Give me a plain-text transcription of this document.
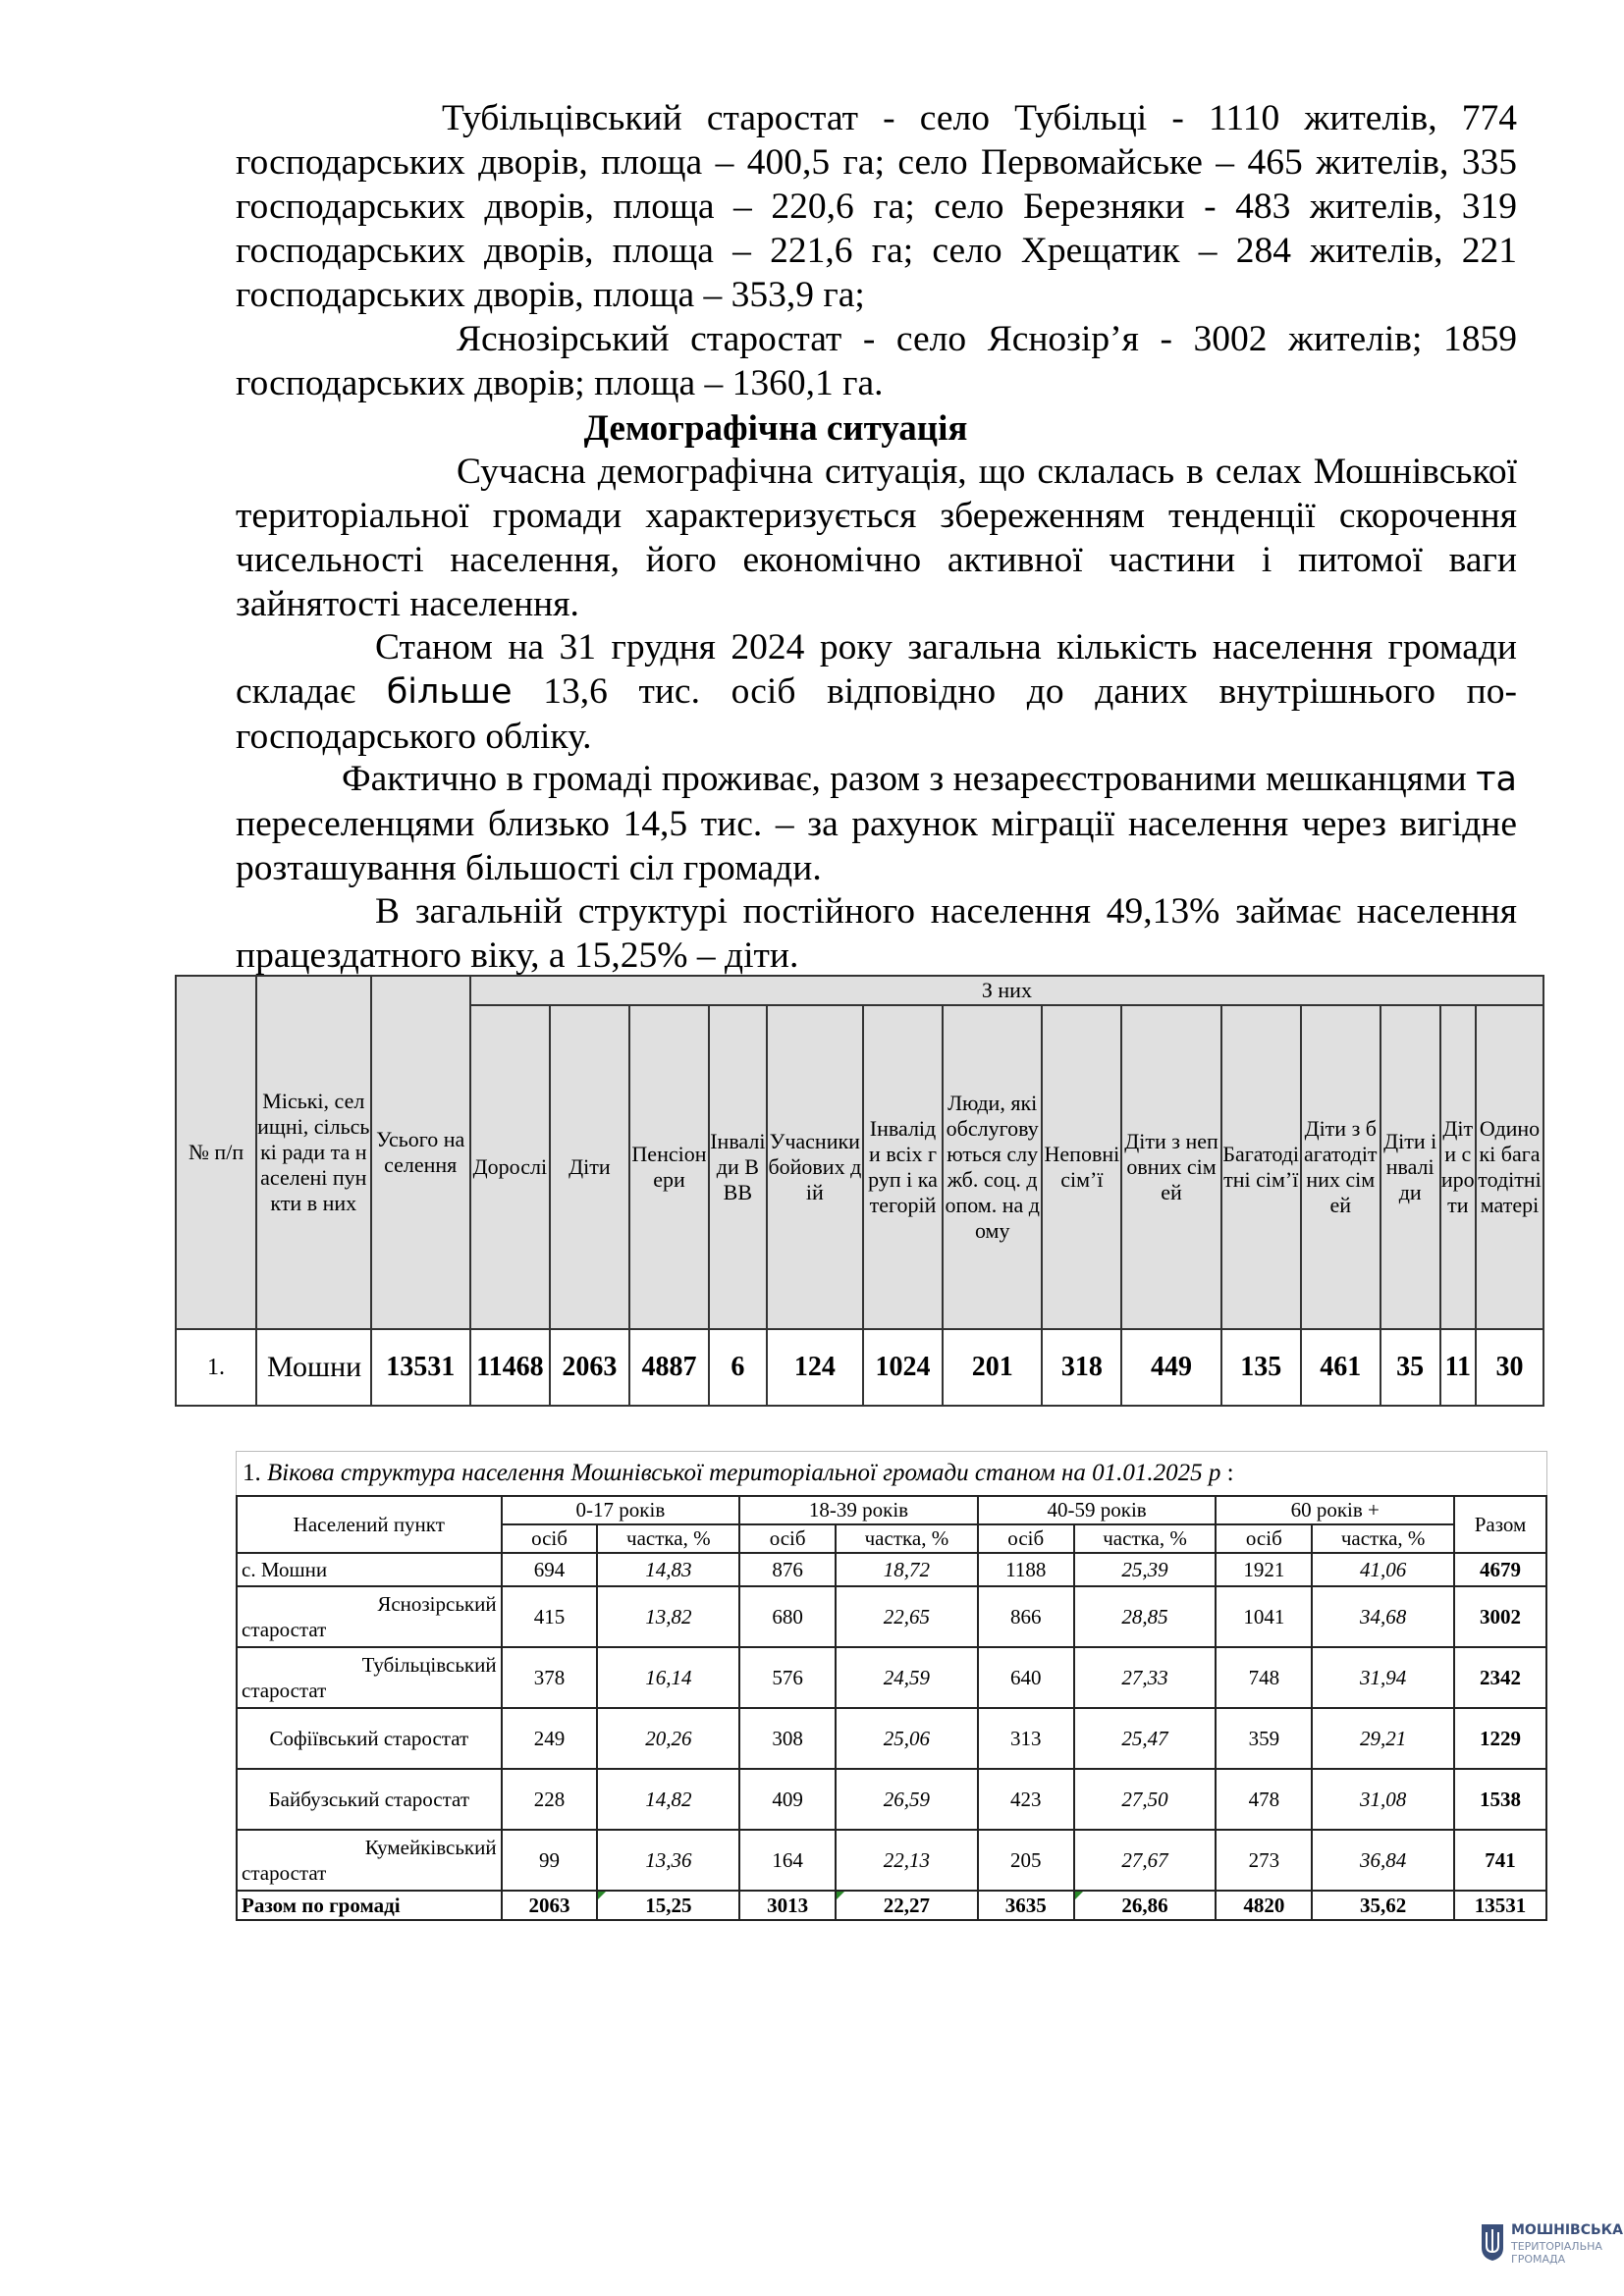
Тубільцівський старостат - село Тубільці - 1110 жителів, 774 господарських дворів, площа – 400,5 га; село Первомайське – 465 жителів, 335 господарських дворів, площа – 220,6 га; село Березняки - 483 жителів, 319 господарських дворів, площа – 221,6 га; село Хрещатик – 284 жителів, 221 господарських дворів, площа – 353,9 га;

Яснозірський старостат - село Яснозір’я - 3002 жителів; 1859 господарських дворів; площа – 1360,1 га.

Демографічна ситуація

Сучасна демографічна ситуація, що склалась в селах Мошнівської територіальної громади характеризується збереженням тенденції скорочення чисельності населення, його економічно активної частини і питомої ваги зайнятості населення.

Станом на 31 грудня 2024 року загальна кількість населення громади складає більше 13,6 тис. осіб відповідно до даних внутрішнього по-господарського обліку.

Фактично в громаді проживає, разом з незареєстрованими мешканцями та переселенцями близько 14,5 тис. – за рахунок міграції населення через вигідне розташування більшості сіл громади.

В загальній структурі постійного населення 49,13% займає населення працездатного віку, а 15,25% – діти.

№ п/п	Міські, селищні, сільські ради та населені пункти в них	Усього населення	З них													
			Дорослі	Діти	Пенсіонери	Інваліди ВВВ	Учасники бойових дій	Інваліди всіх груп і категорій	Люди, які обслуговуються служб. соц. допом. на дому	Неповні сім’ї	Діти з неповних сімей	Багатодітні сім’ї	Діти з багатодітних сімей	Діти інваліди	Діти сироти	Одинокі багатодітні матері
1.	Мошни	13531	11468	2063	4887	6	124	1024	201	318	449	135	461	35	11	30
1. Вікова структура населення Мошнівської територіальної громади станом на 01.01.2025 р :
Населений пункт	0-17 років		18-39 років		40-59 років		60 років +		Разом
	осіб	частка, %	осіб	частка, %	осіб	частка, %	осіб	частка, %	
с. Мошни	694	14,83	876	18,72	1188	25,39	1921	41,06	4679
Яснозірський
старостат	415	13,82	680	22,65	866	28,85	1041	34,68	3002
Тубільцівський
старостат	378	16,14	576	24,59	640	27,33	748	31,94	2342
Софіївський старостат	249	20,26	308	25,06	313	25,47	359	29,21	1229
Байбузський старостат	228	14,82	409	26,59	423	27,50	478	31,08	1538
Кумейківський
старостат	99	13,36	164	22,13	205	27,67	273	36,84	741
Разом по громаді	2063	15,25	3013	22,27	3635	26,86	4820	35,62	13531
МОШНІВСЬКА
ТЕРИТОРІАЛЬНА
ГРОМАДА
